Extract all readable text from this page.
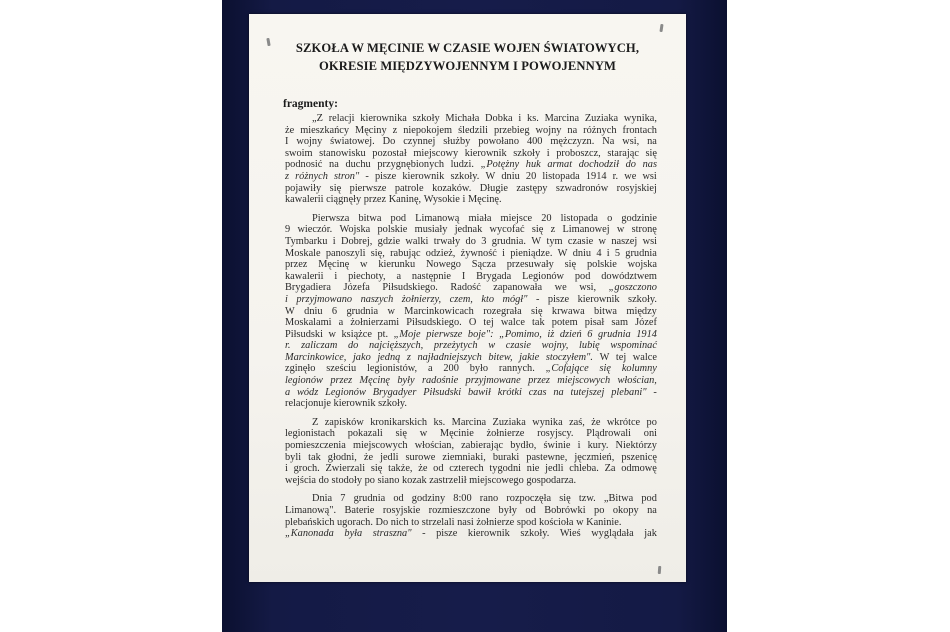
SZKOŁA W MĘCINIE W CZASIE WOJEN ŚWIATOWYCH,
OKRESIE MIĘDZYWOJENNYM I POWOJENNYM
fragmenty:
„Z relacji kierownika szkoły Michała Dobka i ks. Marcina Zuziaka wynika,
że mieszkańcy Męciny z niepokojem śledzili przebieg wojny na różnych frontach
I wojny światowej. Do czynnej służby powołano 400 mężczyzn. Na wsi, na
swoim stanowisku pozostał miejscowy kierownik szkoły i proboszcz, starając się
podnosić na duchu przygnębionych ludzi. „Potężny huk armat dochodził do nas
z różnych stron" - pisze kierownik szkoły. W dniu 20 listopada 1914 r. we wsi
pojawiły się pierwsze patrole kozaków. Długie zastępy szwadronów rosyjskiej
kawalerii ciągnęły przez Kaninę, Wysokie i Męcinę.
Pierwsza bitwa pod Limanową miała miejsce 20 listopada o godzinie
9 wieczór. Wojska polskie musiały jednak wycofać się z Limanowej w stronę
Tymbarku i Dobrej, gdzie walki trwały do 3 grudnia. W tym czasie w naszej wsi
Moskale panoszyli się, rabując odzież, żywność i pieniądze. W dniu 4 i 5 grudnia
przez Męcinę w kierunku Nowego Sącza przesuwały się polskie wojska
kawalerii i piechoty, a następnie I Brygada Legionów pod dowództwem
Brygadiera Józefa Piłsudskiego. Radość zapanowała we wsi, „goszczono
i przyjmowano naszych żołnierzy, czem, kto mógł" - pisze kierownik szkoły.
W dniu 6 grudnia w Marcinkowicach rozegrała się krwawa bitwa między
Moskalami a żołnierzami Piłsudskiego. O tej walce tak potem pisał sam Józef
Piłsudski w książce pt. „Moje pierwsze boje": „Pomimo, iż dzień 6 grudnia 1914
r. zaliczam do najcięższych, przeżytych w czasie wojny, lubię wspominać
Marcinkowice, jako jedną z najładniejszych bitew, jakie stoczyłem". W tej walce
zginęło sześciu legionistów, a 200 było rannych. „Cofające się kolumny
legionów przez Męcinę były radośnie przyjmowane przez miejscowych włościan,
a wódz Legionów Brygadyer Piłsudski bawił krótki czas na tutejszej plebani" -
relacjonuje kierownik szkoły.
Z zapisków kronikarskich ks. Marcina Zuziaka wynika zaś, że wkrótce po
legionistach pokazali się w Męcinie żołnierze rosyjscy. Plądrowali oni
pomieszczenia miejscowych włościan, zabierając bydło, świnie i kury. Niektórzy
byli tak głodni, że jedli surowe ziemniaki, buraki pastewne, jęczmień, pszenicę
i groch. Zwierzali się także, że od czterech tygodni nie jedli chleba. Za odmowę
wejścia do stodoły po siano kozak zastrzelił miejscowego gospodarza.
Dnia 7 grudnia od godziny 8:00 rano rozpoczęła się tzw. „Bitwa pod
Limanową". Baterie rosyjskie rozmieszczone były od Bobrówki po okopy na
plebańskich ugorach. Do nich to strzelali nasi żołnierze spod kościoła w Kaninie.
„Kanonada była straszna" - pisze kierownik szkoły. Wieś wyglądała jak
